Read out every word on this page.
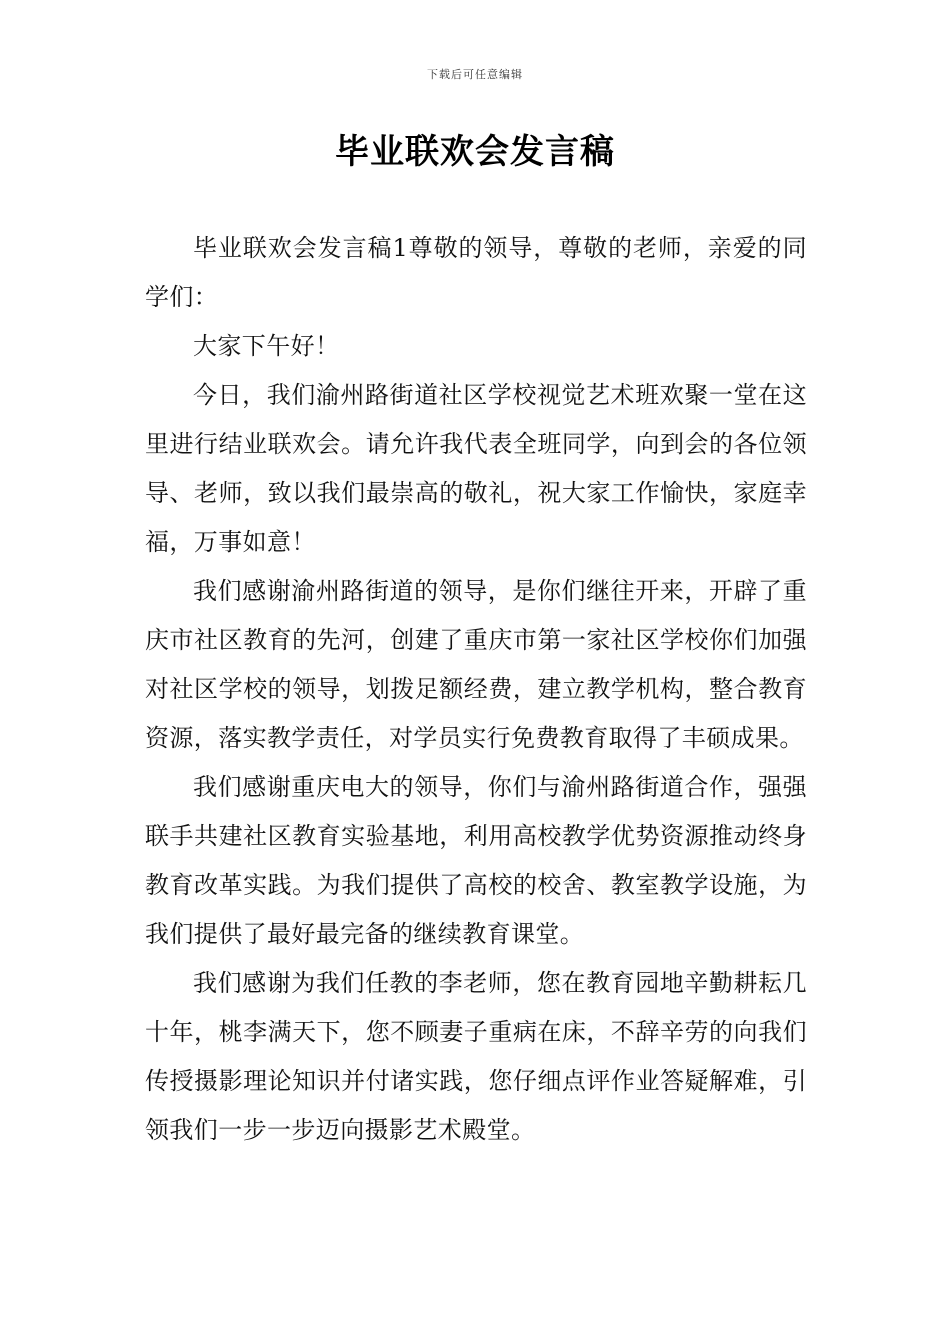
下载后可任意编辑
毕业联欢会发言稿

毕业联欢会发言稿1尊敬的领导，尊敬的老师，亲爱的同学们：

大家下午好！

今日，我们渝州路街道社区学校视觉艺术班欢聚一堂在这里进行结业联欢会。请允许我代表全班同学，向到会的各位领导、老师，致以我们最崇高的敬礼，祝大家工作愉快，家庭幸福，万事如意！

我们感谢渝州路街道的领导，是你们继往开来，开辟了重庆市社区教育的先河，创建了重庆市第一家社区学校你们加强对社区学校的领导，划拨足额经费，建立教学机构，整合教育资源，落实教学责任，对学员实行免费教育取得了丰硕成果。

我们感谢重庆电大的领导，你们与渝州路街道合作，强强联手共建社区教育实验基地，利用高校教学优势资源推动终身教育改革实践。为我们提供了高校的校舍、教室教学设施，为我们提供了最好最完备的继续教育课堂。

我们感谢为我们任教的李老师，您在教育园地辛勤耕耘几十年，桃李满天下，您不顾妻子重病在床，不辞辛劳的向我们传授摄影理论知识并付诸实践，您仔细点评作业答疑解难，引领我们一步一步迈向摄影艺术殿堂。
